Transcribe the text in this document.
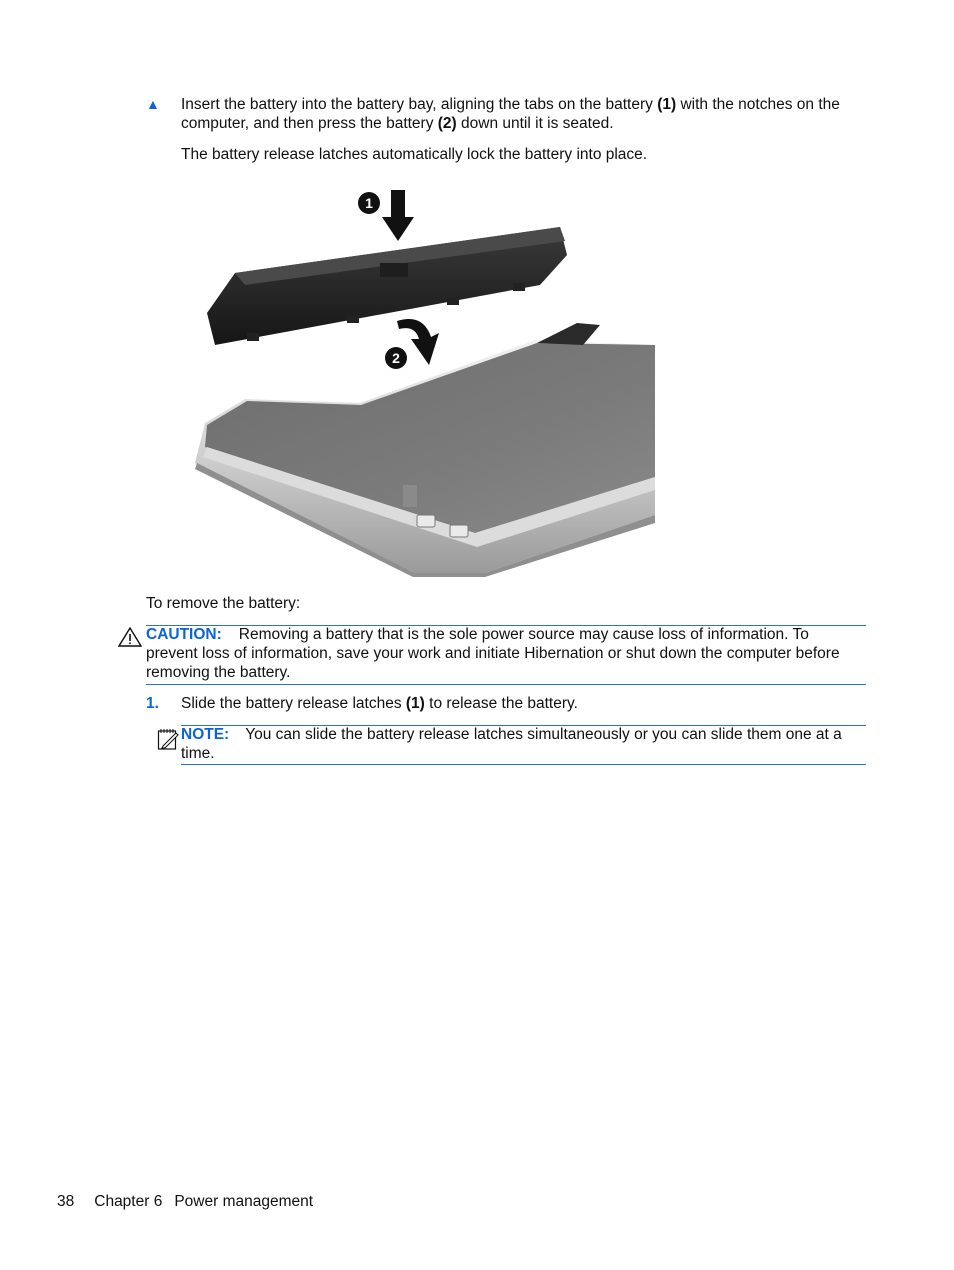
▲ Insert the battery into the battery bay, aligning the tabs on the battery (1) with the notches on the
computer, and then press the battery (2) down until it is seated.
The battery release latches automatically lock the battery into place.
1
2
To remove the battery:
CAUTION: Removing a battery that is the sole power source may cause loss of information. To
prevent loss of information, save your work and initiate Hibernation or shut down the computer before
removing the battery.
1. Slide the battery release latches (1) to release the battery.
NOTE: You can slide the battery release latches simultaneously or you can slide them one at a
time.
38 Chapter 6 Power management
